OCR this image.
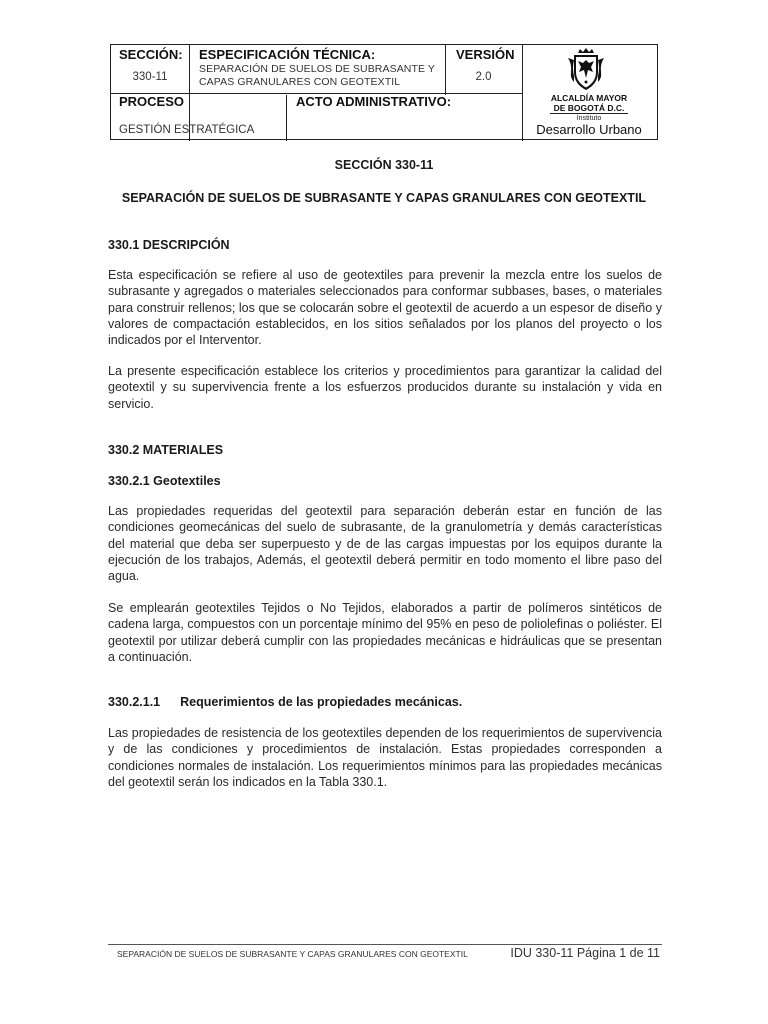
SECCIÓN:
330-11
ESPECIFICACIÓN TÉCNICA:
SEPARACIÓN DE SUELOS DE SUBRASANTE Y
CAPAS GRANULARES CON GEOTEXTIL
VERSIÓN
2.0
PROCESO
GESTIÓN ESTRATÉGICA
ACTO ADMINISTRATIVO:	ALCALDÍA MAYOR
DE BOGOTÁ D.C.
Instituto
Desarrollo Urbano
SECCIÓN 330-11
SEPARACIÓN DE SUELOS DE SUBRASANTE Y CAPAS GRANULARES CON GEOTEXTIL
330.1 DESCRIPCIÓN

Esta especificación se refiere al uso de geotextiles para prevenir la mezcla entre los suelos de subrasante y agregados o materiales seleccionados para conformar subbases, bases, o materiales para construir rellenos; los que se colocarán sobre el geotextil de acuerdo a un espesor de diseño y valores de compactación establecidos, en los sitios señalados por los planos del proyecto o los indicados por el Interventor.

La presente especificación establece los criterios y procedimientos para garantizar la calidad del geotextil y su supervivencia frente a los esfuerzos producidos durante su instalación y vida en servicio.

330.2 MATERIALES
330.2.1 Geotextiles

Las propiedades requeridas del geotextil para separación deberán estar en función de las condiciones geomecánicas del suelo de subrasante, de la granulometría y demás características del material que deba ser superpuesto y de de las cargas impuestas por los equipos durante la ejecución de los trabajos, Además, el geotextil deberá permitir en todo momento el libre paso del agua.

Se emplearán geotextiles Tejidos o No Tejidos, elaborados a partir de polímeros sintéticos de cadena larga, compuestos con un porcentaje mínimo del 95% en peso de poliolefinas o poliéster. El geotextil por utilizar deberá cumplir con las propiedades mecánicas e hidráulicas que se presentan a continuación.

330.2.1.1 Requerimientos de las propiedades mecánicas.

Las propiedades de resistencia de los geotextiles dependen de los requerimientos de supervivencia y de las condiciones y procedimientos de instalación. Estas propiedades corresponden a condiciones normales de instalación. Los requerimientos mínimos para las propiedades mecánicas del geotextil serán los indicados en la Tabla 330.1.

SEPARACIÓN DE SUELOS DE SUBRASANTE Y CAPAS GRANULARES CON GEOTEXTIL	IDU 330-11 Página 1 de 11
